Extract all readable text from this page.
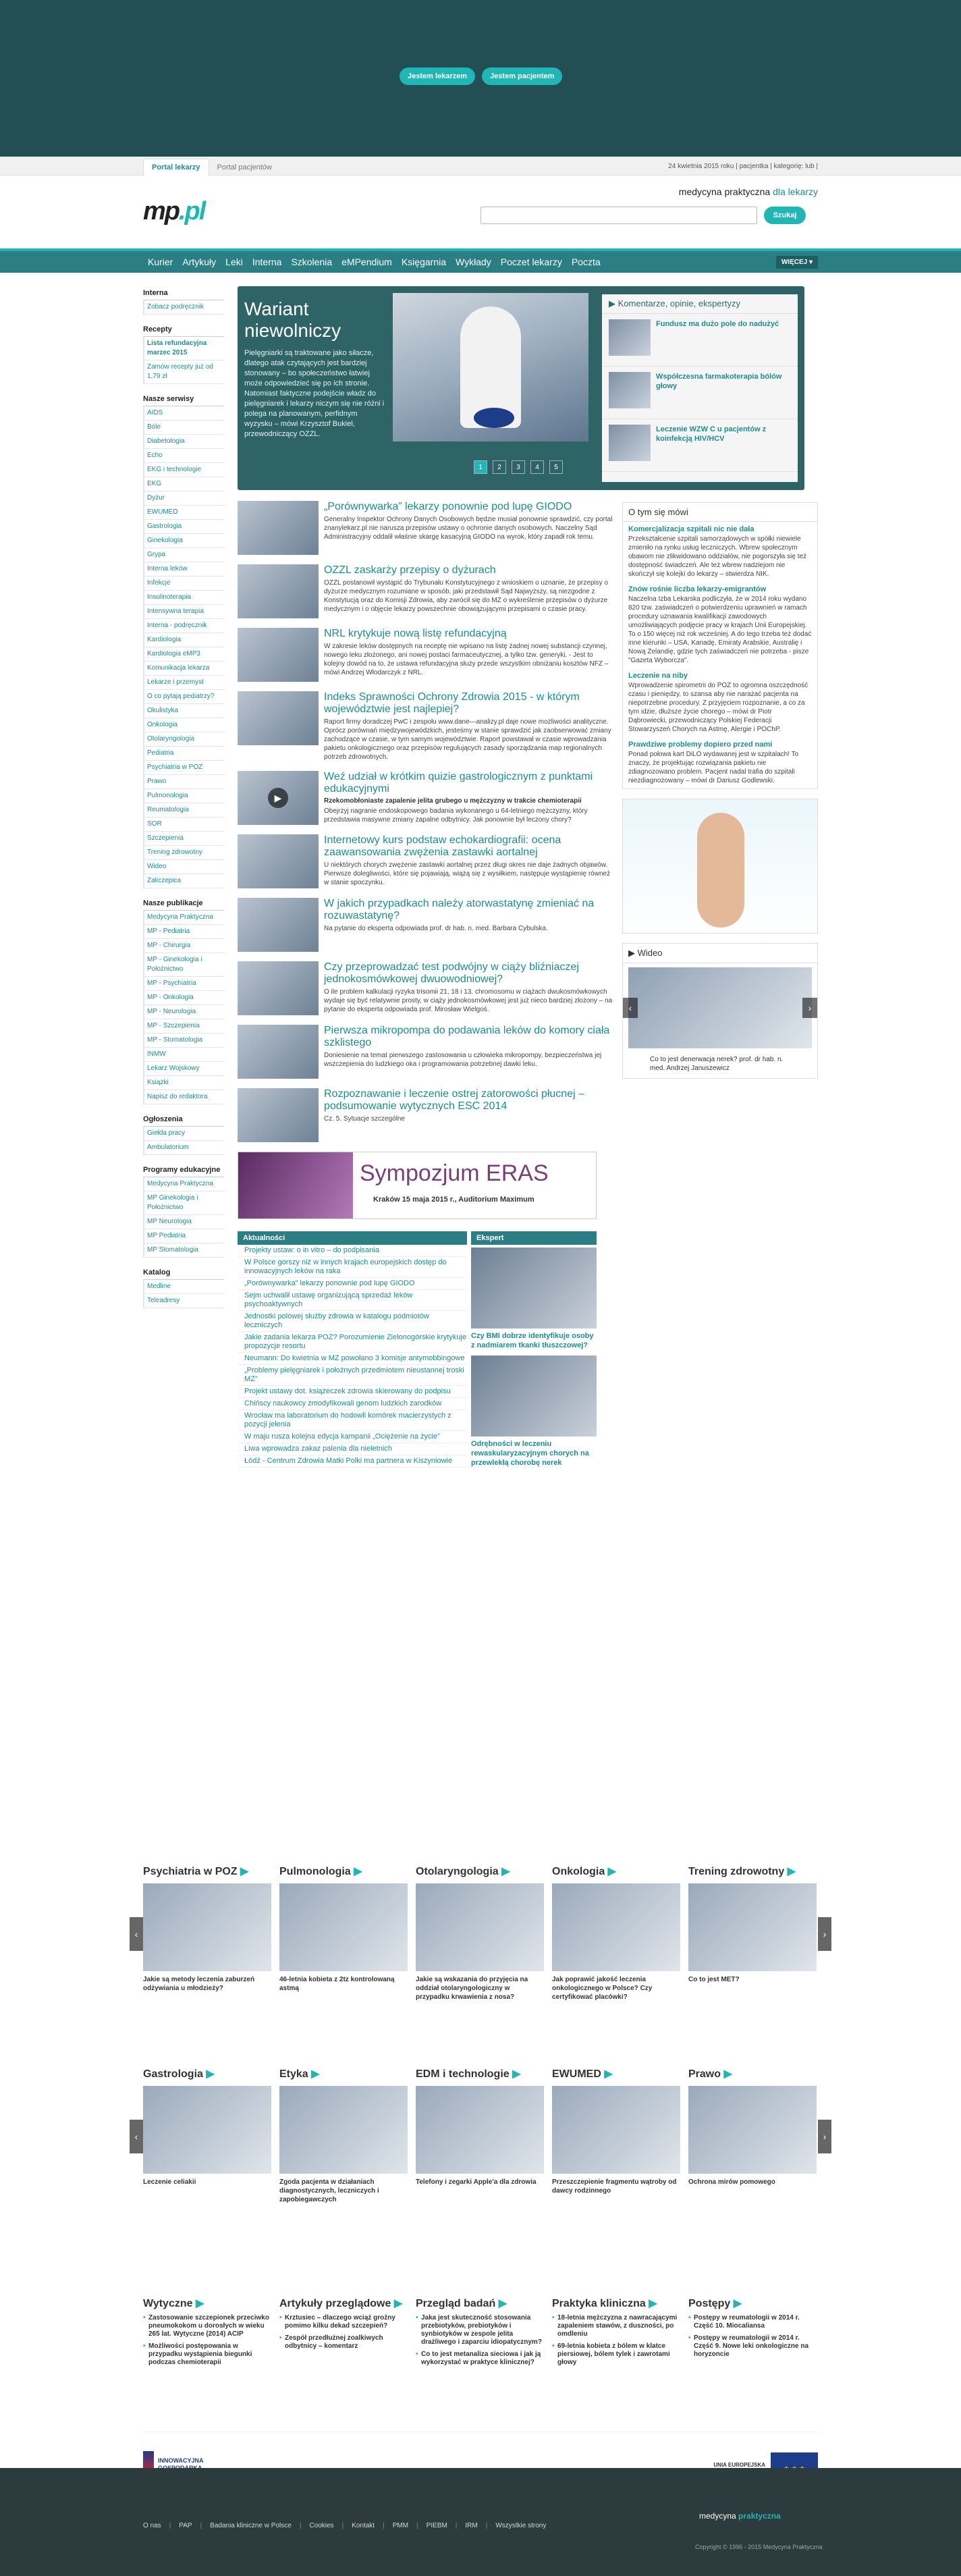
Jestem lekarzem	Jestem pacjentem
Portal lekarzy	Portal pacjentów	24 kwietnia 2015 roku | pacjentka | kategorię: lub |
mp.pl
medycyna praktyczna dla lekarzy
Szukaj
Kurier	Artykuły	Leki	Interna	Szkolenia	eMPendium	Księgarnia	Wykłady	Poczet lekarzy	Poczta	WIĘCEJ ▾
Interna
Zobacz podręcznik
Recepty
Lista refundacyjna marzec 2015
Zamów recepty już od 1,79 zł
Nasze serwisy
AIDS
Bóle
Diabetologia
Echo
EKG i technologie
EKG
Dyżur
EWUMED
Gastrologia
Ginekologia
Grypa
Interna leków
Infekcje
Insulinoterapia
Intensywna terapia
Interna - podręcznik
Kardiologia
Kardiologia eMP3
Komunikacja lekarza
Lekarze i przemysł
O co pytają pediatrzy?
Okulistyka
Onkologia
Otolaryngologia
Pediatria
Psychiatria w POZ
Prawo
Pulmonologia
Reumatologia
SOR
Szczepienia
Trening zdrowotny
Wideo
Zaliczepica
Nasze publikacje
Medycyna Praktyczna
MP - Pediatria
MP - Chirurgia
MP - Ginekologia i Położnictwo
MP - Psychiatria
MP - Onkologia
MP - Neurologia
MP - Szczepienia
MP - Stomatologia
INMW
Lekarz Wojskowy
Książki
Napisz do redaktora
Ogłoszenia
Giełda pracy
Ambulatorium
Programy edukacyjne
Medycyna Praktyczna
MP Ginekologia i Położnictwo
MP Neurologia
MP Pediatria
MP Stomatologia
Katalog
Medline
Teleadresy
Wariant niewolniczy
Pielęgniarki są traktowane jako siłacze, dlatego atak czytających jest bardziej stonowany – bo społeczeństwo łatwiej może odpowiedzieć się po ich stronie. Natomiast faktyczne podejście władz do pielęgniarek i lekarzy niczym się nie różni i polega na planowanym, perfidnym wyzysku – mówi Krzysztof Bukiel, przewodniczący OZZL.
1	2	3	4	5
▶ Komentarze, opinie, ekspertyzy
Fundusz ma dużo pole do nadużyć
Współczesna farmakoterapia bólów głowy
Leczenie WZW C u pacjentów z koinfekcją HIV/HCV
„Porównywarka” lekarzy ponownie pod lupę GIODO
Generalny Inspektor Ochrony Danych Osobowych będzie musiał ponownie sprawdzić, czy portal znanylekarz.pl nie narusza przepisów ustawy o ochronie danych osobowych. Naczelny Sąd Administracyjny oddalił właśnie skargę kasacyjną GIODO na wyrok, który zapadł rok temu.
OZZL zaskarży przepisy o dyżurach
OZZL postanowił wystąpić do Trybunału Konstytucyjnego z wnioskiem o uznanie, że przepisy o dyżurze medycznym rozumiane w sposób, jaki przedstawił Sąd Najwyższy, są niezgodne z Konstytucją oraz do Komisji Zdrowia, aby zwrócił się do MZ o wykreślenie przepisów o dyżurze medycznym i o objęcie lekarzy powszechnie obowiązującymi przepisami o czasie pracy.
NRL krytykuje nową listę refundacyjną
W zakresie leków dostępnych na receptę nie wpisano na listę żadnej nowej substancji czynnej, nowego leku złożonego, ani nowej postaci farmaceutycznej, a tylko tzw. generyki. - Jest to kolejny dowód na to, że ustawa refundacyjna służy przede wszystkim obniżaniu kosztów NFZ – mówi Andrzej Włodarczyk z NRL.
Indeks Sprawności Ochrony Zdrowia 2015 - w którym województwie jest najlepiej?
Raport firmy doradczej PwC i zespołu www.dane—analizy.pl daje nowe możliwości analityczne. Oprócz porównań międzywojewódzkich, jesteśmy w stanie sprawdzić jak zaobserwować zmiany zachodzące w czasie, w tym samym województwie. Raport powstawał w czasie wprowadzania pakietu onkologicznego oraz przepisów regulujących zasady sporządzania map regionalnych potrzeb zdrowotnych.
▶
Weź udział w krótkim quizie gastrologicznym z punktami edukacyjnymi
Rzekomobłoniaste zapalenie jelita grubego u mężczyzny w trakcie chemioterapii
Obejrzyj nagranie endoskopowego badania wykonanego u 64-letniego mężczyzny, który przedstawia masywne zmiany zapalne odbytnicy. Jak ponownie był leczony chory?
Internetowy kurs podstaw echokardiografii: ocena zaawansowania zwężenia zastawki aortalnej
U niektórych chorych zwężenie zastawki aortalnej przez długi okres nie daje żadnych objawów. Pierwsze dolegliwości, które się pojawiają, wiążą się z wysiłkiem, następuje wystąpienię równeż w stanie spoczynku.
W jakich przypadkach należy atorwastatynę zmieniać na rozuwastatynę?
Na pytanie do eksperta odpowiada prof. dr hab. n. med. Barbara Cybulska.
Czy przeprowadzać test podwójny w ciąży bliźniaczej jednokosmówkowej dwuowodniowej?
O ile problem kalkulacji ryzyka trisomii 21, 18 i 13. chromosomu w ciążach dwukosmówkowych wydaje się być relatywnie prosty, w ciąży jednokosmówkowej jest już nieco bardziej złożony – na pytanie do eksperta odpowiada prof. Mirosław Wielgoś.
Pierwsza mikropompa do podawania leków do komory ciała szklistego
Doniesienie na temat pierwszego zastosowania u człowieka mikropompy, bezpieczeństwa jej wszczepienia do ludzkiego oka i programowania potrzebnej dawki leku.
Rozpoznawanie i leczenie ostrej zatorowości płucnej – podsumowanie wytycznych ESC 2014
Cz. 5. Sytuacje szczególne
Sympozjum ERAS
Kraków 15 maja 2015 r., Auditorium Maximum
Aktualności
Projekty ustaw: o in vitro – do podpisania
W Polsce gorszy niż w innych krajach europejskich dostęp do innowacyjnych leków na raka
„Porównywarka” lekarzy ponownie pod lupę GIODO
Sejm uchwalił ustawę organizującą sprzedaż leków psychoaktywnych
Jednostki polowej służby zdrowia w katalogu podmiotów leczniczych
Jakie zadania lekarza POZ? Porozumienie Zielonogórskie krytykuje propozycje resortu
Neumann: Do kwietnia w MZ powołano 3 komisje antymobbingowe
„Problemy pielęgniarek i położnych przedmiotem nieustannej troski MZ”
Projekt ustawy dot. książeczek zdrowia skierowany do podpisu
Chińscy naukowcy zmodyfikowali genom ludzkich zarodków
Wrocław ma laboratorium do hodowli komórek macierzystych z pozycji jelenia
W maju rusza kolejna edycja kampanii „Ociężenie na życie”
Liwa wprowadza zakaz palenia dla nieletnich
Łódź - Centrum Zdrowia Matki Polki ma partnera w Kiszyniowie
Ekspert
Czy BMI dobrze identyfikuje osoby z nadmiarem tkanki tłuszczowej?
Odrębności w leczeniu rewaskularyzacyjnym chorych na przewlekłą chorobę nerek
O tym się mówi
Komercjalizacja szpitali nic nie dała
Przekształcenie szpitali samorządowych w spółki niewiele zmieniło na rynku usług leczniczych. Wbrew społecznym obawom nie zlikwidowano oddziałów, nie pogorszyła się też dostępność świadczeń. Ale też wbrew nadziejom nie skończył się kolejki do lekarzy – stwierdza NIK.
Znów rośnie liczba lekarzy-emigrantów
Naczelna Izba Lekarska podliczyła, że w 2014 roku wydano 820 tzw. zaświadczeń o potwierdzeniu uprawnień w ramach procedury uznawania kwalifikacji zawodowych umożliwiających podjęcie pracy w krajach Unii Europejskiej. To o 150 więcej niż rok wcześniej. A do tego trzeba też dodać inne kierunki – USA, Kanadę, Emiraty Arabskie, Australię i Nową Zelandię, gdzie tych zaświadczeń nie potrzeba - pisze "Gazeta Wyborcza".
Leczenie na niby
Wprowadzenie spirometrii do POZ to ogromna oszczędność czasu i pieniędzy, to szansa aby nie narażać pacjenta na niepotrzebne procedury. Z przyjęciem rozpoznanie, a co za tym idzie, dłuższe życie chorego – mówi dr Piotr Dąbrowiecki, przewodniczący Polskiej Federacji Stowarzyszeń Chorych na Astmę, Alergie i POChP.
Prawdziwe problemy dopiero przed nami
Ponad połowa kart DiLO wydawanej jest w szpitalach! To znaczy, że projektując rozwiązania pakietu nie zdiagnozowano problem. Pacjent nadal trafia do szpitali niezdiagnozowany – mówi dr Dariusz Godlewski.
▶ Wideo
‹	›
Co to jest denerwacja nerek? prof. dr hab. n. med. Andrzej Januszewicz
‹	›
Psychiatria w POZ ▶
Jakie są metody leczenia zaburzeń odżywiania u młodzieży?
Pulmonologia ▶
46-letnia kobieta z 2tz kontrolowaną astmą
Otolaryngologia ▶
Jakie są wskazania do przyjęcia na oddział otolaryngologiczny w przypadku krwawienia z nosa?
Onkologia ▶
Jak poprawić jakość leczenia onkologicznego w Polsce? Czy certyfikować placówki?
Trening zdrowotny ▶
Co to jest MET?
‹	›
Gastrologia ▶
Leczenie celiakii
Etyka ▶
Zgoda pacjenta w działaniach diagnostycznych, leczniczych i zapobiegawczych
EDM i technologie ▶
Telefony i zegarki Apple'a dla zdrowia
EWUMED ▶
Przeszczepienie fragmentu wątroby od dawcy rodzinnego
Prawo ▶
Ochrona mirów pomowego
Wytyczne ▶
• Zastosowanie szczepionek przeciwko pneumokokom u dorosłych w wieku 265 lat. Wytyczne (2014) ACIP
• Możliwości postępowania w przypadku wystąpienia biegunki podczas chemioterapii
Artykuły przeglądowe ▶
• Krztusiec – dlaczego wciąż groźny pomimo kilku dekad szczepień?
• Zespół przedłużnej zoalkiwych odbytnicy – komentarz
Przegląd badań ▶
• Jaka jest skuteczność stosowania przebiotyków, prebiotyków i synbiotyków w zespole jelita drażliwego i zaparciu idiopatycznym?
• Co to jest metanaliza sieciowa i jak ją wykorzystać w praktyce klinicznej?
Praktyka kliniczna ▶
• 18-letnia mężczyzna z nawracającymi zapaleniem stawów, z duszności, po omdleniu
• 69-letnia kobieta z bólem w klatce piersiowej, bólem tylek i zawrotami głowy
Postępy ▶
• Postępy w reumatologii w 2014 r. Część 10. Miocaliansa
• Postępy w reumatologii w 2014 r. Część 9. Nowe leki onkologiczne na horyzoncie
INNOWACYJNA
UNIA EUROPEJSKA
O nas | PAP | Badania kliniczne w Polsce | Cookies | Kontakt | PMM | PIEBM | IRM | Wszystkie strony
medycyna praktyczna
Copyright © 1996 - 2015 Medycyna Praktyczna
